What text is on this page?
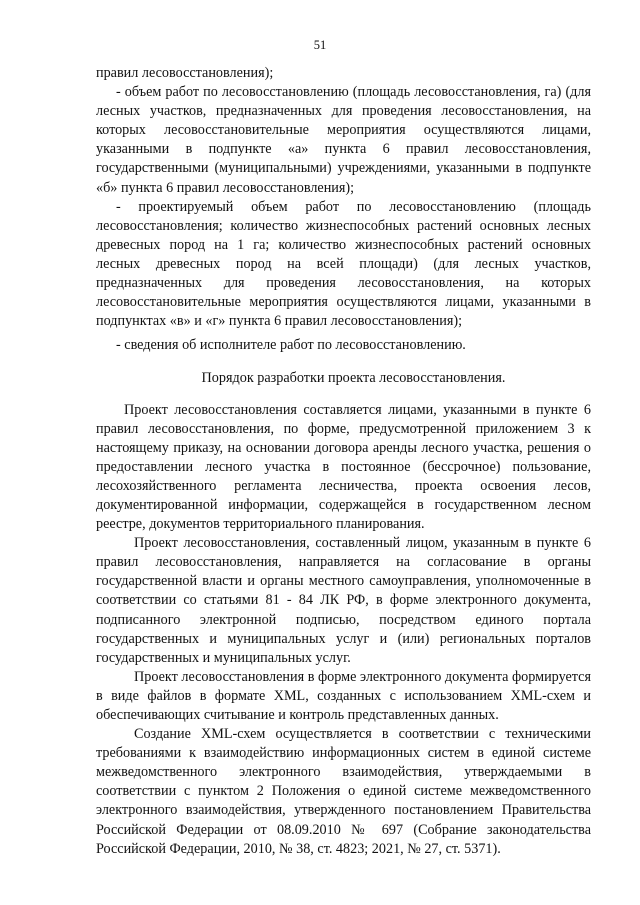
51

правил лесовосстановления);

- объем работ по лесовосстановлению (площадь лесовосстановления, га) (для лесных участков, предназначенных для проведения лесовосстановления, на которых лесовосстановительные мероприятия осуществляются лицами, указанными в подпункте «а» пункта 6 правил лесовосстановления, государственными (муниципальными) учреждениями, указанными в подпункте «б» пункта 6 правил лесовосстановления);

- проектируемый объем работ по лесовосстановлению (площадь лесовосстановления; количество жизнеспособных растений основных лесных древесных пород на 1 га; количество жизнеспособных растений основных лесных древесных пород на всей площади) (для лесных участков, предназначенных для проведения лесовосстановления, на которых лесовосстановительные мероприятия осуществляются лицами, указанными в подпунктах «в» и «г» пункта 6 правил лесовосстановления);

- сведения об исполнителе работ по лесовосстановлению.

Порядок разработки проекта лесовосстановления.

Проект лесовосстановления составляется лицами, указанными в пункте 6 правил лесовосстановления, по форме, предусмотренной приложением 3 к настоящему приказу, на основании договора аренды лесного участка, решения о предоставлении лесного участка в постоянное (бессрочное) пользование, лесохозяйственного регламента лесничества, проекта освоения лесов, документированной информации, содержащейся в государственном лесном реестре, документов территориального планирования.

Проект лесовосстановления, составленный лицом, указанным в пункте 6 правил лесовосстановления, направляется на согласование в органы государственной власти и органы местного самоуправления, уполномоченные в соответствии со статьями 81 - 84 ЛК РФ, в форме электронного документа, подписанного электронной подписью, посредством единого портала государственных и муниципальных услуг и (или) региональных порталов государственных и муниципальных услуг.

Проект лесовосстановления в форме электронного документа формируется в виде файлов в формате XML, созданных с использованием XML-схем и обеспечивающих считывание и контроль представленных данных.

Создание XML-схем осуществляется в соответствии с техническими требованиями к взаимодействию информационных систем в единой системе межведомственного электронного взаимодействия, утверждаемыми в соответствии с пунктом 2 Положения о единой системе межведомственного электронного взаимодействия, утвержденного постановлением Правительства Российской Федерации от 08.09.2010 № 697 (Собрание законодательства Российской Федерации, 2010, № 38, ст. 4823; 2021, № 27, ст. 5371).
